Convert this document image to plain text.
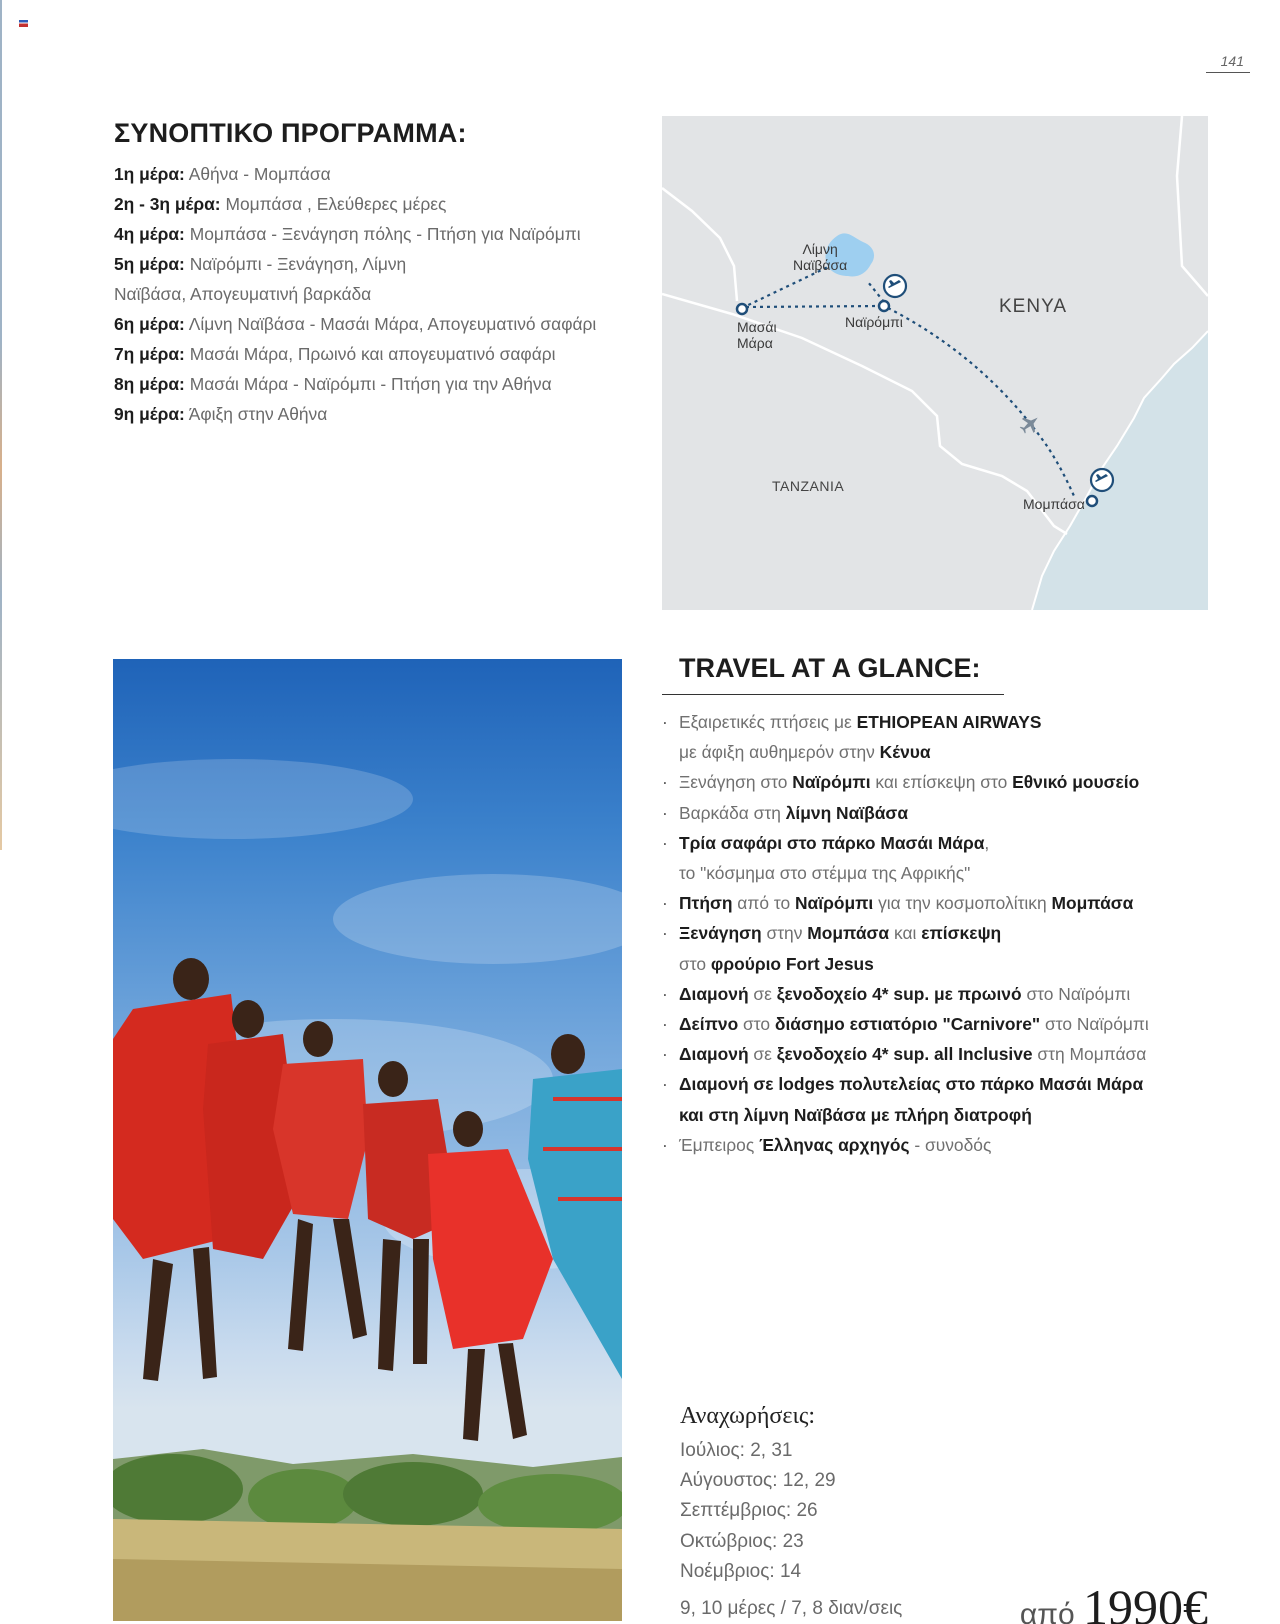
141
ΣΥΝΟΠΤΙΚΟ ΠΡΟΓΡΑΜΜΑ:
1η μέρα: Αθήνα - Μομπάσα
2η - 3η μέρα: Μομπάσα , Ελεύθερες μέρες
4η μέρα: Μομπάσα - Ξενάγηση πόλης - Πτήση για Ναϊρόμπι
5η μέρα: Ναϊρόμπι - Ξενάγηση, Λίμνη
Ναϊβάσα, Απογευματινή βαρκάδα
6η μέρα: Λίμνη Ναϊβάσα - Μασάι Μάρα, Απογευματινό σαφάρι
7η μέρα: Μασάι Μάρα, Πρωινό και απογευματινό σαφάρι
8η μέρα: Μασάι Μάρα - Ναϊρόμπι - Πτήση για την Αθήνα
9η μέρα: Άφιξη στην Αθήνα
Λίμνη
Ναϊβάσα
Μασάι
Μάρα
Ναϊρόμπι
Μομπάσα
KENYA
TANZANIA
TRAVEL AT A GLANCE:
· Εξαιρετικές πτήσεις με ETHIOPEAN AIRWAYS
με άφιξη αυθημερόν στην Κένυα
· Ξενάγηση στο Ναϊρόμπι και επίσκεψη στο Εθνικό μουσείο
· Βαρκάδα στη λίμνη Ναϊβάσα
· Τρία σαφάρι στο πάρκο Μασάι Μάρα,
το "κόσμημα στο στέμμα της Αφρικής"
· Πτήση από το Ναϊρόμπι για την κοσμοπολίτικη Μομπάσα
· Ξενάγηση στην Μομπάσα και επίσκεψη
στο φρούριο Fort Jesus
· Διαμονή σε ξενοδοχείο 4* sup. με πρωινό στο Ναϊρόμπι
· Δείπνο στο διάσημο εστιατόριο "Carnivore" στο Ναϊρόμπι
· Διαμονή σε ξενοδοχείο 4* sup. all Inclusive στη Μομπάσα
· Διαμονή σε lodges πολυτελείας στο πάρκο Μασάι Μάρα
και στη λίμνη Ναϊβάσα με πλήρη διατροφή
· Έμπειρος Έλληνας αρχηγός - συνοδός
Αναχωρήσεις:
Ιούλιος: 2, 31
Αύγουστος: 12, 29
Σεπτέμβριος: 26
Οκτώβριος: 23
Νοέμβριος: 14
9, 10 μέρες / 7, 8 διαν/σεις	από 1990€
